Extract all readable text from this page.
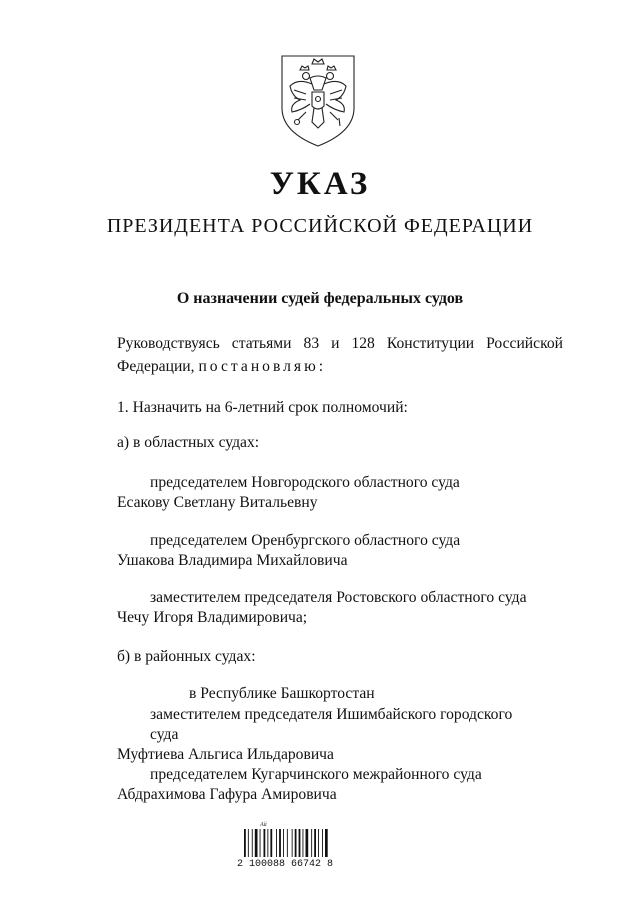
УКАЗ
ПРЕЗИДЕНТА РОССИЙСКОЙ ФЕДЕРАЦИИ
О назначении судей федеральных судов
Руководствуясь статьями 83 и 128 Конституции Российской
Федерации, постановляю:
1. Назначить на 6-летний срок полномочий:
а) в областных судах:
председателем Новгородского областного суда
Есакову Светлану Витальевну
председателем Оренбургского областного суда
Ушакова Владимира Михайловича
заместителем председателя Ростовского областного суда
Чечу Игоря Владимировича;
б) в районных судах:
в Республике Башкортостан
заместителем председателя Ишимбайского городского
суда
Муфтиева Альгиса Ильдаровича
председателем Кугарчинского межрайонного суда
Абдрахимова Гафура Амировича
Ай
2 100088 66742 8
